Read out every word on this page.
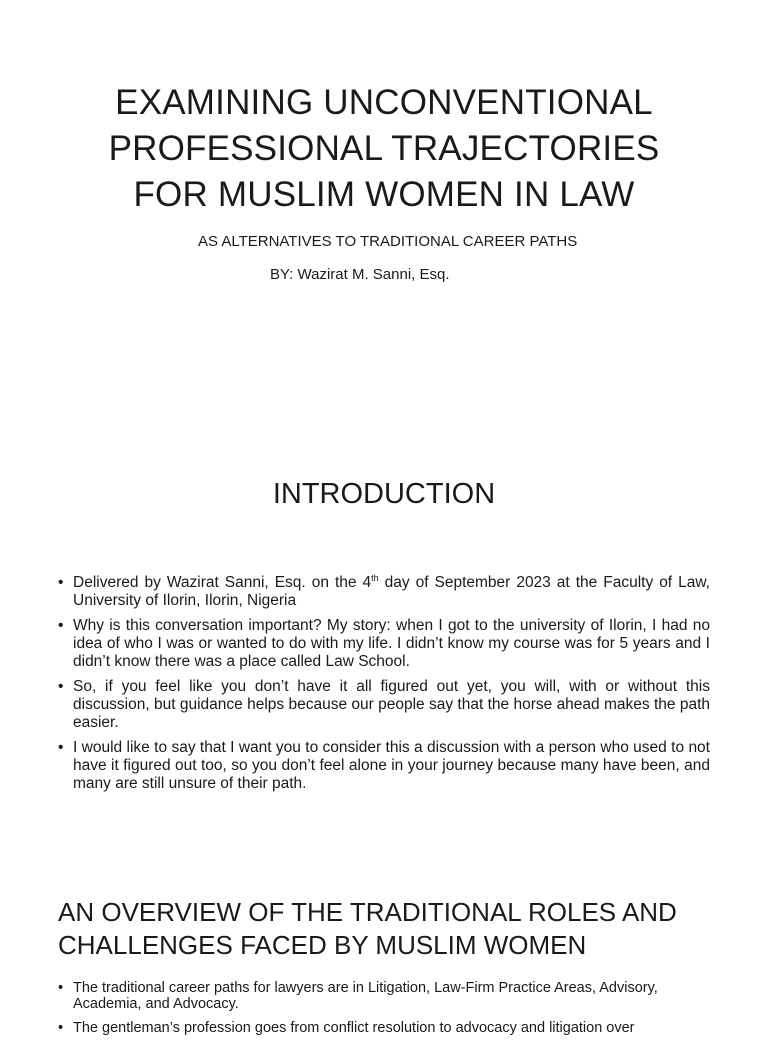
EXAMINING UNCONVENTIONAL
PROFESSIONAL TRAJECTORIES
FOR MUSLIM WOMEN IN LAW

AS ALTERNATIVES TO TRADITIONAL CAREER PATHS

BY: Wazirat M. Sanni, Esq.

INTRODUCTION
• Delivered by Wazirat Sanni, Esq. on the 4th day of September 2023 at the Faculty of Law, University of Ilorin, Ilorin, Nigeria
• Why is this conversation important? My story: when I got to the university of Ilorin, I had no idea of who I was or wanted to do with my life. I didn’t know my course was for 5 years and I didn’t know there was a place called Law School.
• So, if you feel like you don’t have it all figured out yet, you will, with or without this discussion, but guidance helps because our people say that the horse ahead makes the path easier.
• I would like to say that I want you to consider this a discussion with a person who used to not have it figured out too, so you don’t feel alone in your journey because many have been, and many are still unsure of their path.
AN OVERVIEW OF THE TRADITIONAL ROLES AND
CHALLENGES FACED BY MUSLIM WOMEN
• The traditional career paths for lawyers are in Litigation, Law-Firm Practice Areas, Advisory, Academia, and Advocacy.
• The gentleman’s profession goes from conflict resolution to advocacy and litigation over
